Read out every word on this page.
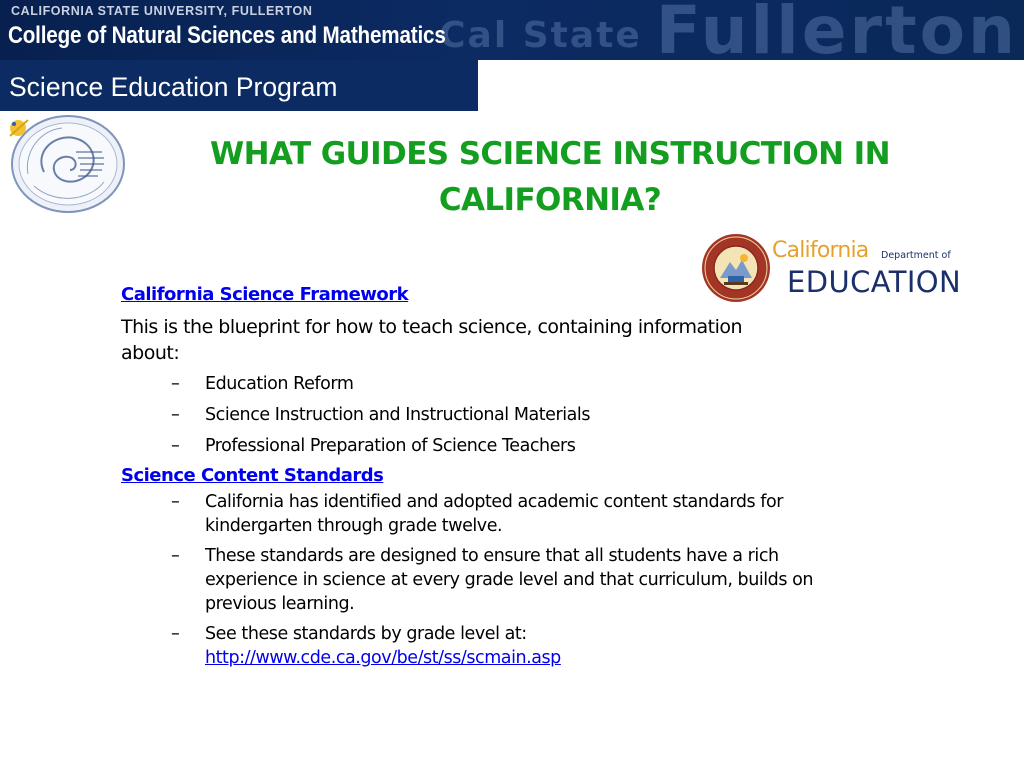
Cal State Fullerton
CALIFORNIA STATE UNIVERSITY, FULLERTON
College of Natural Sciences and Mathematics
Science Education Program
WHAT GUIDES SCIENCE INSTRUCTION IN
CALIFORNIA?
California Department of
EDUCATION
California Science Framework
This is the blueprint for how to teach science, containing information about:
– Education Reform
– Science Instruction and Instructional Materials
– Professional Preparation of Science Teachers
Science Content Standards
– California has identified and adopted academic content standards for kindergarten through grade twelve.
– These standards are designed to ensure that all students have a rich experience in science at every grade level and that curriculum, builds on previous learning.
– See these standards by grade level at:
http://www.cde.ca.gov/be/st/ss/scmain.asp
